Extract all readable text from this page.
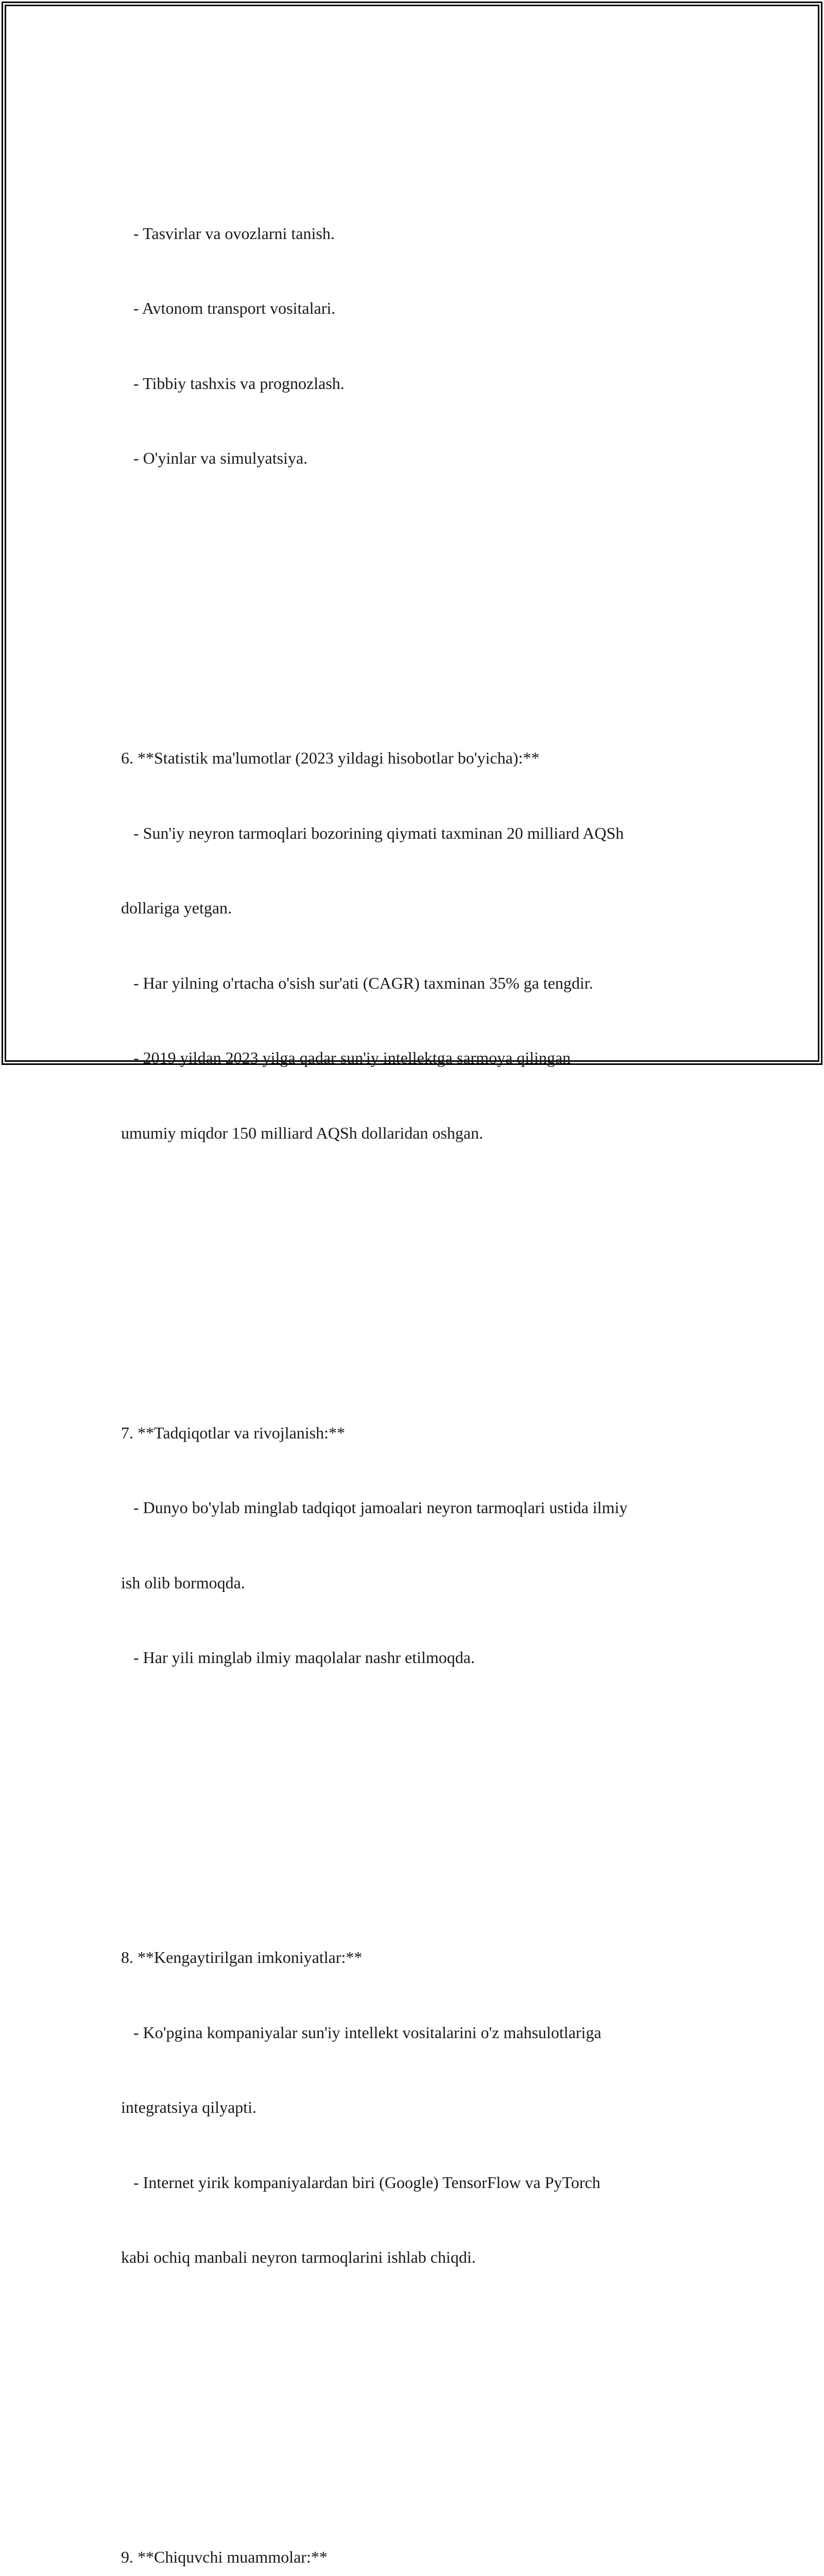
- Tasvirlar va ovozlarni tanish.

- Avtonom transport vositalari.

- Tibbiy tashxis va prognozlash.

- O'yinlar va simulyatsiya.

6. **Statistik ma'lumotlar (2023 yildagi hisobotlar bo'yicha):**

- Sun'iy neyron tarmoqlari bozorining qiymati taxminan 20 milliard AQSh

dollariga yetgan.

- Har yilning o'rtacha o'sish sur'ati (CAGR) taxminan 35% ga tengdir.

- 2019 yildan 2023 yilga qadar sun'iy intellektga sarmoya qilingan

umumiy miqdor 150 milliard AQSh dollaridan oshgan.

7. **Tadqiqotlar va rivojlanish:**

- Dunyo bo'ylab minglab tadqiqot jamoalari neyron tarmoqlari ustida ilmiy

ish olib bormoqda.

- Har yili minglab ilmiy maqolalar nashr etilmoqda.

8. **Kengaytirilgan imkoniyatlar:**

- Ko'pgina kompaniyalar sun'iy intellekt vositalarini o'z mahsulotlariga

integratsiya qilyapti.

- Internet yirik kompaniyalardan biri (Google) TensorFlow va PyTorch

kabi ochiq manbali neyron tarmoqlarini ishlab chiqdi.

9. **Chiquvchi muammolar:**
